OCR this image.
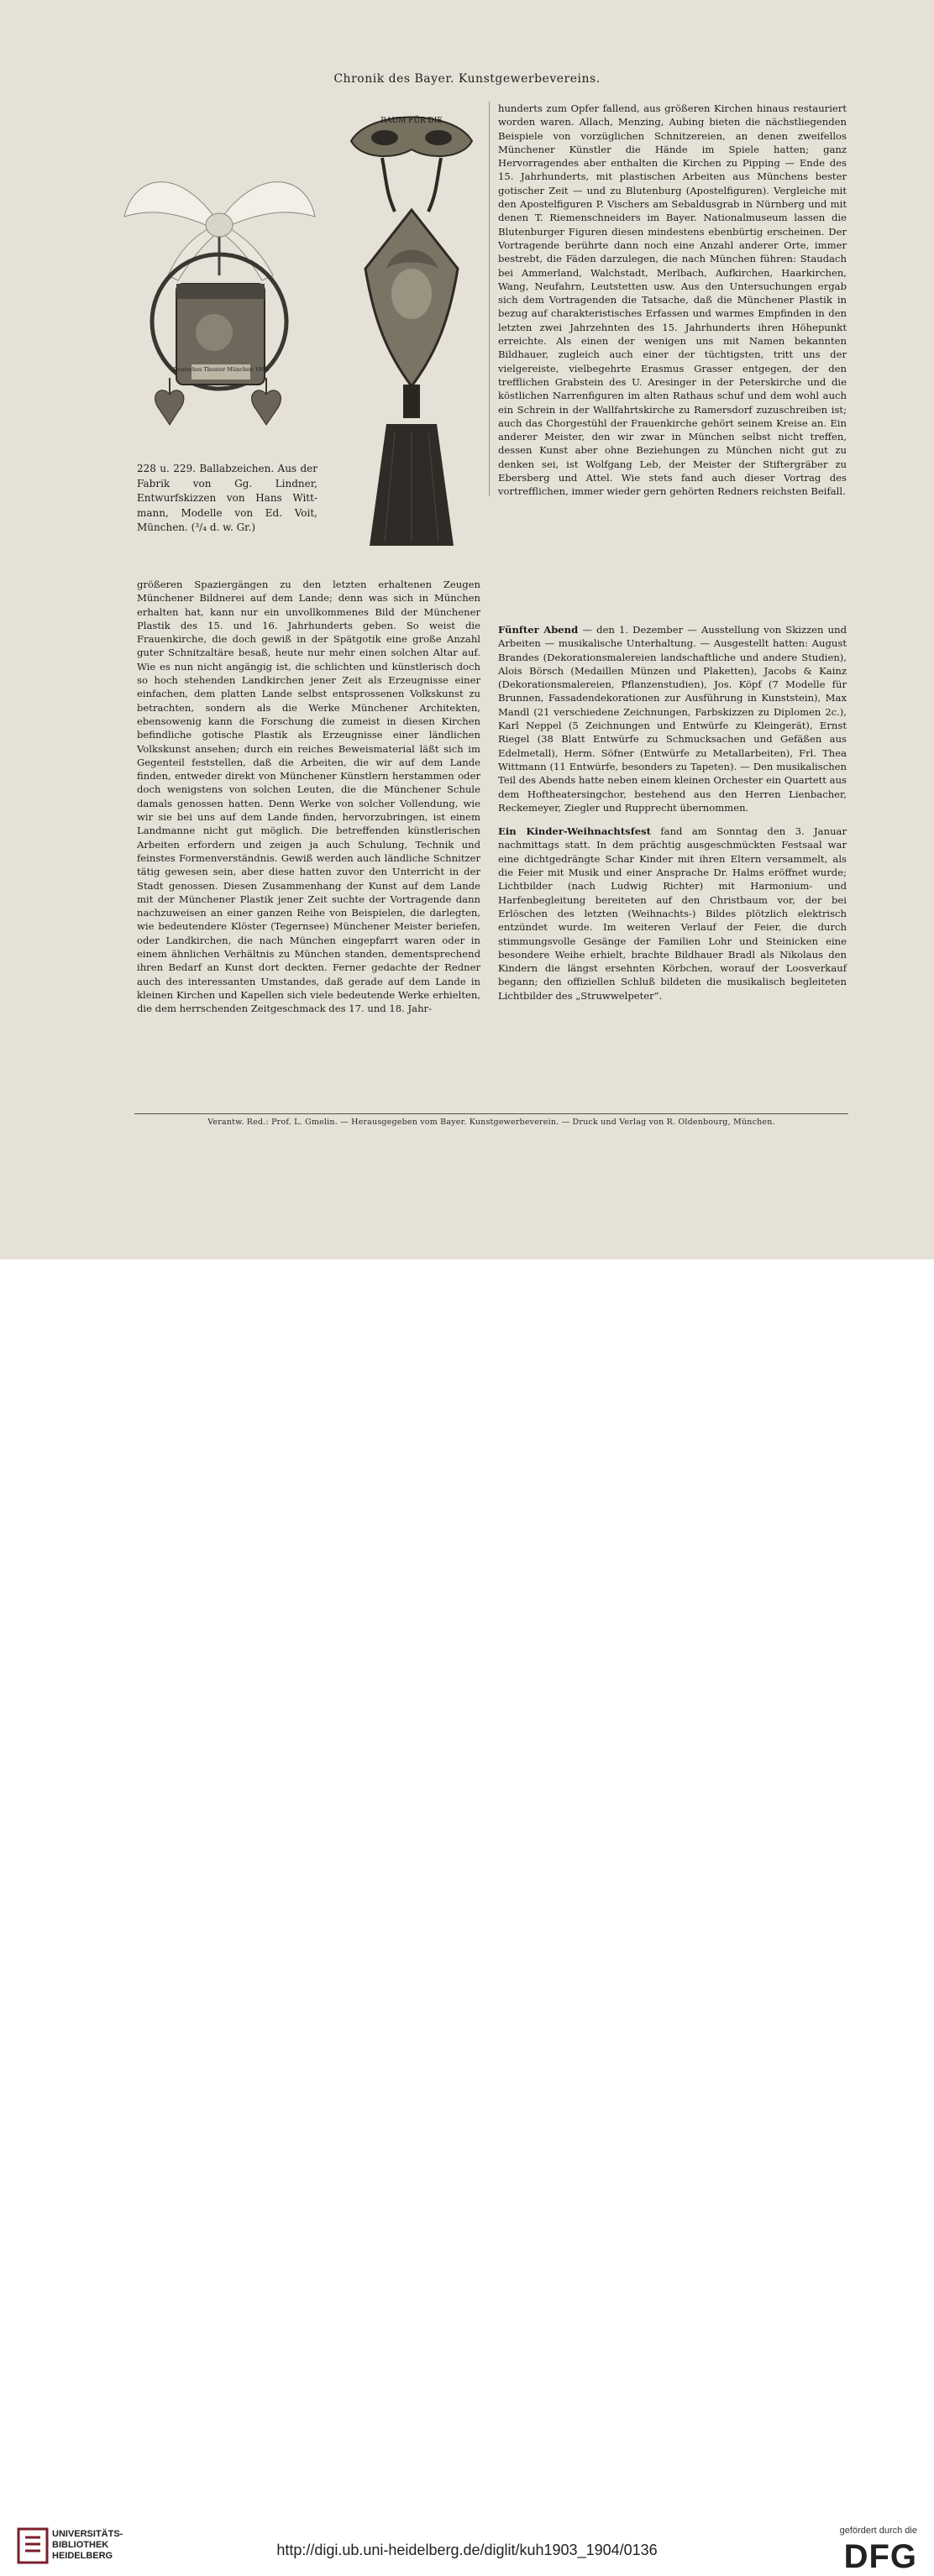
Chronik des Bayer. Kunstgewerbevereins.
Deutsches Theater München 1904
RAUM FÜR DIE
228 u. 229. Ballabzeichen. Aus der Fabrik von Gg. Lindner, Entwurfskizzen von Hans Witt-mann, Modelle von Ed. Voit, München. (³/₄ d. w. Gr.)

hunderts zum Opfer fallend, aus größeren Kirchen hinaus restauriert worden waren. Allach, Menzing, Aubing bieten die nächstliegenden Beispiele von vorzüglichen Schnitzereien, an denen zweifellos Münchener Künstler die Hände im Spiele hatten; ganz Hervorragendes aber enthalten die Kirchen zu Pipping — Ende des 15. Jahrhunderts, mit plastischen Arbeiten aus Münchens bester gotischer Zeit — und zu Blutenburg (Apostelfiguren). Vergleiche mit den Apostelfiguren P. Vischers am Sebaldusgrab in Nürnberg und mit denen T. Riemenschneiders im Bayer. Nationalmuseum lassen die Blutenburger Figuren diesen mindestens ebenbürtig erscheinen. Der Vortragende berührte dann noch eine Anzahl anderer Orte, immer bestrebt, die Fäden darzulegen, die nach München führen: Staudach bei Ammerland, Walchstadt, Merlbach, Aufkirchen, Haarkirchen, Wang, Neufahrn, Leutstetten usw. Aus den Untersuchungen ergab sich dem Vortragenden die Tatsache, daß die Münchener Plastik in bezug auf charakteristisches Erfassen und warmes Empfinden in den letzten zwei Jahrzehnten des 15. Jahrhunderts ihren Höhepunkt erreichte. Als einen der wenigen uns mit Namen bekannten Bildhauer, zugleich auch einer der tüchtigsten, tritt uns der vielgereiste, vielbegehrte Erasmus Grasser entgegen, der den trefflichen Grabstein des U. Aresinger in der Peterskirche und die köstlichen Narrenfiguren im alten Rathaus schuf und dem wohl auch ein Schrein in der Wallfahrtskirche zu Ramersdorf zuzuschreiben ist; auch das Chorgestühl der Frauenkirche gehört seinem Kreise an. Ein anderer Meister, den wir zwar in München selbst nicht treffen, dessen Kunst aber ohne Beziehungen zu München nicht gut zu denken sei, ist Wolfgang Leb, der Meister der Stiftergräber zu Ebersberg und Attel. Wie stets fand auch dieser Vortrag des vortrefflichen, immer wieder gern gehörten Redners reichsten Beifall.

Fünfter Abend — den 1. Dezember — Ausstellung von Skizzen und Arbeiten — musikalische Unterhaltung. — Ausgestellt hatten: August Brandes (Dekorationsmalereien landschaftliche und andere Studien), Alois Börsch (Medaillen Münzen und Plaketten), Jacobs & Kainz (Dekorationsmalereien, Pflanzenstudien), Jos. Köpf (7 Modelle für Brunnen, Fassadendekorationen zur Ausführung in Kunststein), Max Mandl (21 verschiedene Zeichnungen, Farbskizzen zu Diplomen 2c.), Karl Neppel (5 Zeichnungen und Entwürfe zu Kleingerät), Ernst Riegel (38 Blatt Entwürfe zu Schmucksachen und Gefäßen aus Edelmetall), Herm. Söfner (Entwürfe zu Metallarbeiten), Frl. Thea Wittmann (11 Entwürfe, besonders zu Tapeten). — Den musikalischen Teil des Abends hatte neben einem kleinen Orchester ein Quartett aus dem Hoftheatersingchor, bestehend aus den Herren Lienbacher, Reckemeyer, Ziegler und Rupprecht übernommen.

Ein Kinder-Weihnachtsfest fand am Sonntag den 3. Januar nachmittags statt. In dem prächtig ausgeschmückten Festsaal war eine dichtgedrängte Schar Kinder mit ihren Eltern versammelt, als die Feier mit Musik und einer Ansprache Dr. Halms eröffnet wurde; Lichtbilder (nach Ludwig Richter) mit Harmonium- und Harfenbegleitung bereiteten auf den Christbaum vor, der bei Erlöschen des letzten (Weihnachts-) Bildes plötzlich elektrisch entzündet wurde. Im weiteren Verlauf der Feier, die durch stimmungsvolle Gesänge der Familien Lohr und Steinicken eine besondere Weihe erhielt, brachte Bildhauer Bradl als Nikolaus den Kindern die längst ersehnten Körbchen, worauf der Loosverkauf begann; den offiziellen Schluß bildeten die musikalisch begleiteten Lichtbilder des „Struwwelpeter“.

größeren Spaziergängen zu den letzten erhaltenen Zeugen Münchener Bildnerei auf dem Lande; denn was sich in München erhalten hat, kann nur ein unvollkommenes Bild der Münchener Plastik des 15. und 16. Jahrhunderts geben. So weist die Frauenkirche, die doch gewiß in der Spätgotik eine große Anzahl guter Schnitzaltäre besaß, heute nur mehr einen solchen Altar auf. Wie es nun nicht angängig ist, die schlichten und künstlerisch doch so hoch stehenden Landkirchen jener Zeit als Erzeugnisse einer einfachen, dem platten Lande selbst entsprossenen Volkskunst zu betrachten, sondern als die Werke Münchener Architekten, ebensowenig kann die Forschung die zumeist in diesen Kirchen befindliche gotische Plastik als Erzeugnisse einer ländlichen Volkskunst ansehen; durch ein reiches Beweismaterial läßt sich im Gegenteil feststellen, daß die Arbeiten, die wir auf dem Lande finden, entweder direkt von Münchener Künstlern herstammen oder doch wenigstens von solchen Leuten, die die Münchener Schule damals genossen hatten. Denn Werke von solcher Vollendung, wie wir sie bei uns auf dem Lande finden, hervorzubringen, ist einem Landmanne nicht gut möglich. Die betreffenden künstlerischen Arbeiten erfordern und zeigen ja auch Schulung, Technik und feinstes Formenverständnis. Gewiß werden auch ländliche Schnitzer tätig gewesen sein, aber diese hatten zuvor den Unterricht in der Stadt genossen. Diesen Zusammenhang der Kunst auf dem Lande mit der Münchener Plastik jener Zeit suchte der Vortragende dann nachzuweisen an einer ganzen Reihe von Beispielen, die darlegten, wie bedeutendere Klöster (Tegernsee) Münchener Meister beriefen, oder Landkirchen, die nach München eingepfarrt waren oder in einem ähnlichen Verhältnis zu München standen, dementsprechend ihren Bedarf an Kunst dort deckten. Ferner gedachte der Redner auch des interessanten Umstandes, daß gerade auf dem Lande in kleinen Kirchen und Kapellen sich viele bedeutende Werke erhielten, die dem herrschenden Zeitgeschmack des 17. und 18. Jahr-

Verantw. Red.: Prof. L. Gmelin. — Herausgegeben vom Bayer. Kunstgewerbeverein. — Druck und Verlag von R. Oldenbourg, München.
UNIVERSITÄTS-
BIBLIOTHEK
HEIDELBERG	http://digi.ub.uni-heidelberg.de/diglit/kuh1903_1904/0136
gefördert durch die
DFG
